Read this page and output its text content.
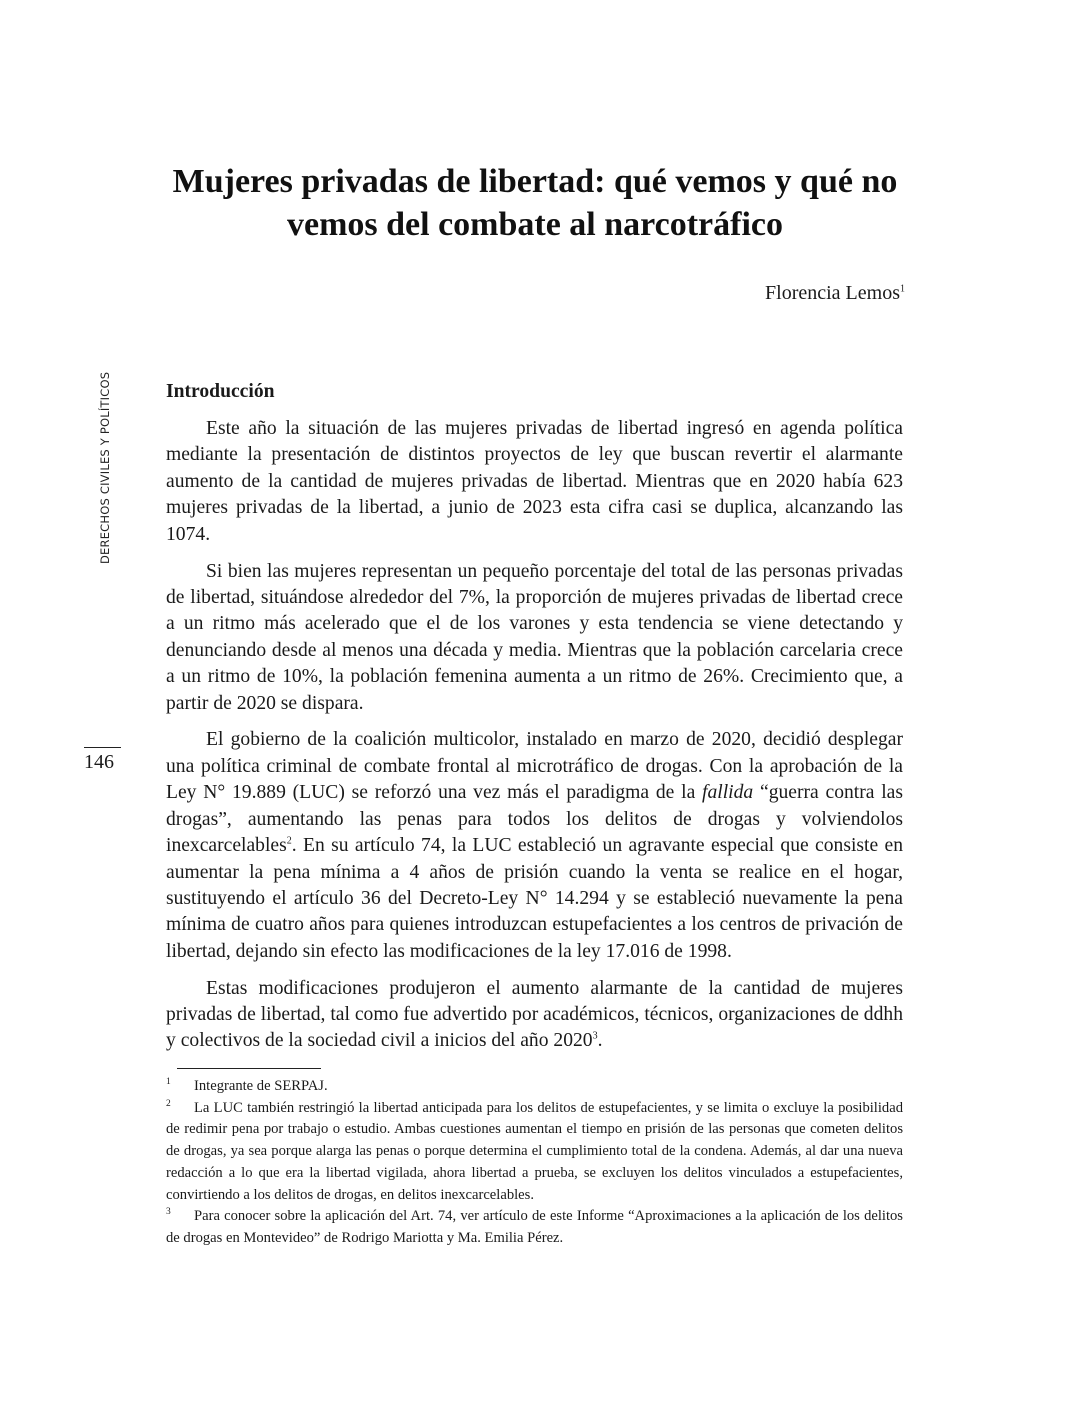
Mujeres privadas de libertad: qué vemos y qué no
vemos del combate al narcotráfico
Florencia Lemos$^1$
DERECHOS CIVILES Y POLÍTICOS
146
Introducción

Este año la situación de las mujeres privadas de libertad ingresó en agenda política mediante la presentación de distintos proyectos de ley que buscan revertir el alarmante aumento de la cantidad de mujeres privadas de libertad. Mientras que en 2020 había 623 mujeres privadas de la libertad, a junio de 2023 esta cifra casi se duplica, alcanzando las 1074.

Si bien las mujeres representan un pequeño porcentaje del total de las personas privadas de libertad, situándose alrededor del 7%, la proporción de mujeres privadas de libertad crece a un ritmo más acelerado que el de los varones y esta tendencia se viene detectando y denunciando desde al menos una década y media. Mientras que la población carcelaria crece a un ritmo de 10%, la población femenina aumenta a un ritmo de 26%. Crecimiento que, a partir de 2020 se dispara.

El gobierno de la coalición multicolor, instalado en marzo de 2020, decidió desplegar una política criminal de combate frontal al microtráfico de drogas. Con la aprobación de la Ley N° 19.889 (LUC) se reforzó una vez más el paradigma de la fallida “guerra contra las drogas”, aumentando las penas para todos los delitos de drogas y volviendolos inexcarcelables$^2$. En su artículo 74, la LUC estableció un agravante especial que consiste en aumentar la pena mínima a 4 años de prisión cuando la venta se realice en el hogar, sustituyendo el artículo 36 del Decreto-Ley N° 14.294 y se estableció nuevamente la pena mínima de cuatro años para quienes introduzcan estupefacientes a los centros de privación de libertad, dejando sin efecto las modificaciones de la ley 17.016 de 1998.

Estas modificaciones produjeron el aumento alarmante de la cantidad de mujeres privadas de libertad, tal como fue advertido por académicos, técnicos, organizaciones de ddhh y colectivos de la sociedad civil a inicios del año 2020$^3$.

1 Integrante de SERPAJ.

2 La LUC también restringió la libertad anticipada para los delitos de estupefacientes, y se limita o excluye la posibilidad de redimir pena por trabajo o estudio. Ambas cuestiones aumentan el tiempo en prisión de las personas que cometen delitos de drogas, ya sea porque alarga las penas o porque determina el cumplimiento total de la condena. Además, al dar una nueva redacción a lo que era la libertad vigilada, ahora libertad a prueba, se excluyen los delitos vinculados a estupefacientes, convirtiendo a los delitos de drogas, en delitos inexcarcelables.

3 Para conocer sobre la aplicación del Art. 74, ver artículo de este Informe “Aproximaciones a la aplicación de los delitos de drogas en Montevideo” de Rodrigo Mariotta y Ma. Emilia Pérez.
